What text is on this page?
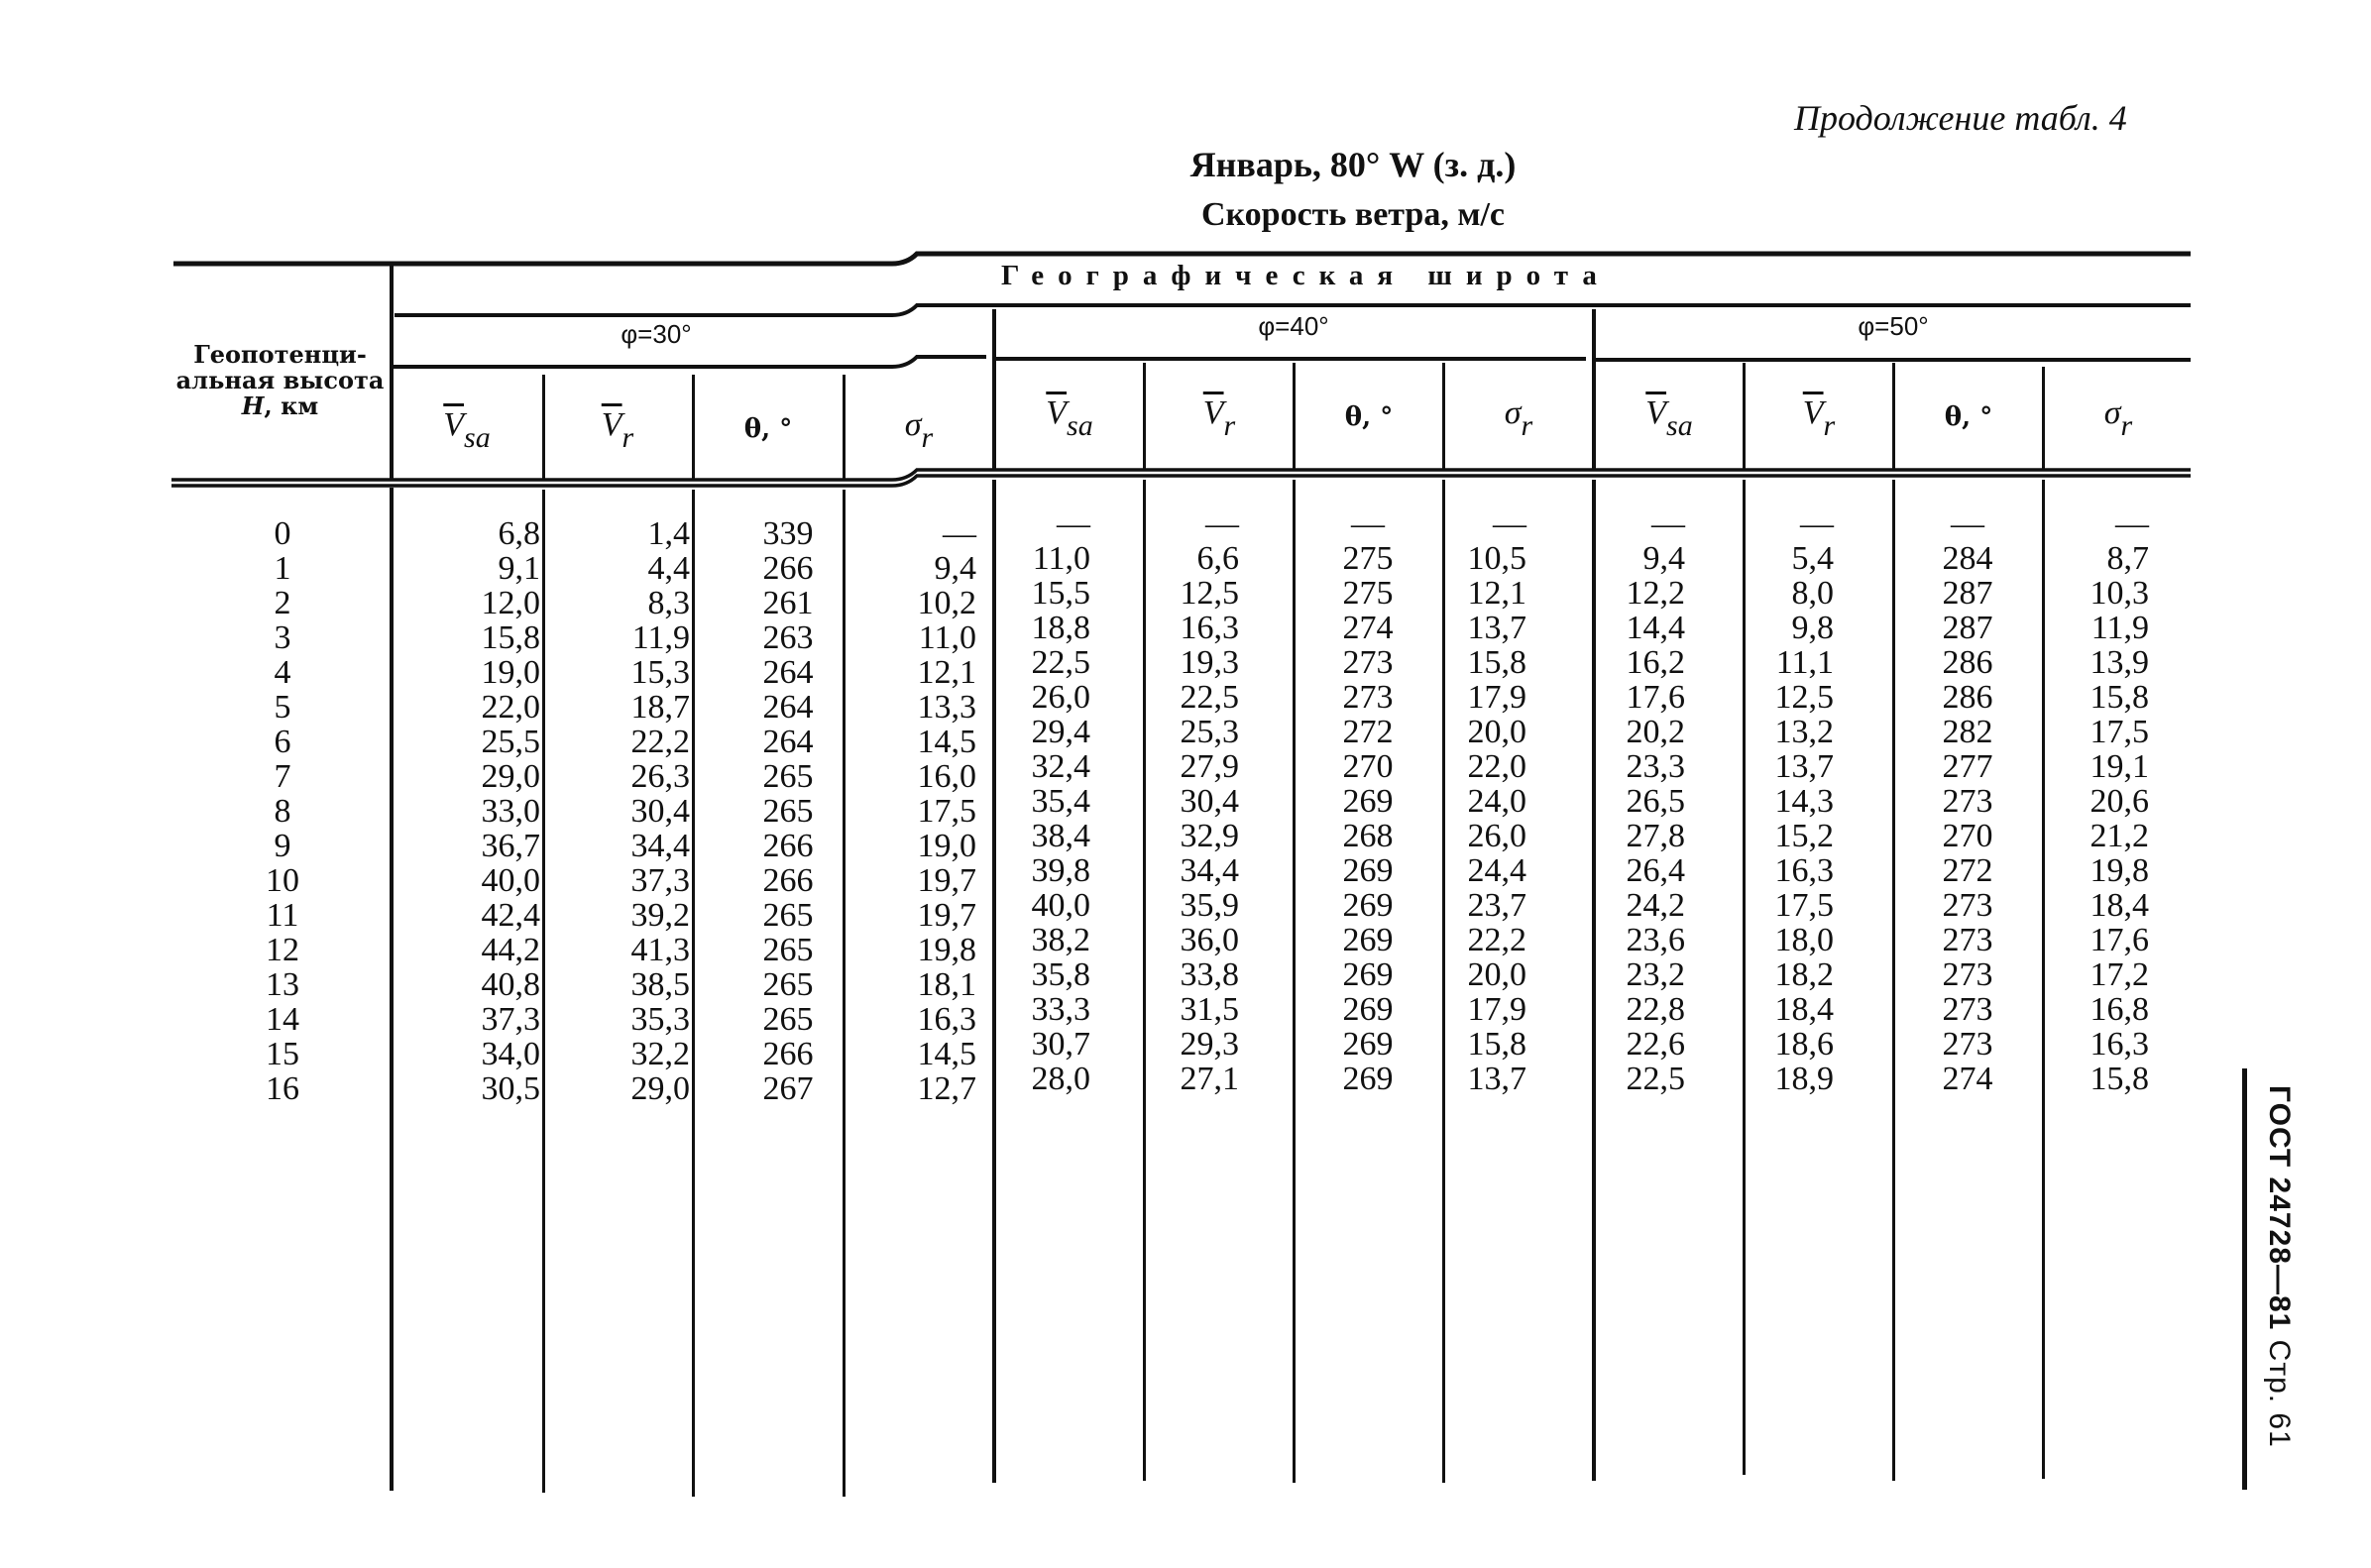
Продолжение табл. 4
Январь, 80° W (з. д.)
Скорость ветра, м/с
Геопотенци-
альная высота
H, км
Географическая широта
φ=30°	φ=40°	φ=50°
$\overline{V}_{sa}$	$\overline{V}_r$	θ, °	$\sigma_r$
$\overline{V}_{sa}$	$\overline{V}_r$	θ, °	$\sigma_r$	$\overline{V}_{sa}$	$\overline{V}_r$	θ, °	$\sigma_r$
0	6,8	1,4	339	—	—	—	—	—	—	—	—	—
1	9,1	4,4	266	9,4	11,0	6,6	275	10,5	9,4	5,4	284	8,7
2	12,0	8,3	261	10,2	15,5	12,5	275	12,1	12,2	8,0	287	10,3
3	15,8	11,9	263	11,0	18,8	16,3	274	13,7	14,4	9,8	287	11,9
4	19,0	15,3	264	12,1	22,5	19,3	273	15,8	16,2	11,1	286	13,9
5	22,0	18,7	264	13,3	26,0	22,5	273	17,9	17,6	12,5	286	15,8
6	25,5	22,2	264	14,5	29,4	25,3	272	20,0	20,2	13,2	282	17,5
7	29,0	26,3	265	16,0	32,4	27,9	270	22,0	23,3	13,7	277	19,1
8	33,0	30,4	265	17,5	35,4	30,4	269	24,0	26,5	14,3	273	20,6
9	36,7	34,4	266	19,0	38,4	32,9	268	26,0	27,8	15,2	270	21,2
10	40,0	37,3	266	19,7	39,8	34,4	269	24,4	26,4	16,3	272	19,8
11	42,4	39,2	265	19,7	40,0	35,9	269	23,7	24,2	17,5	273	18,4
12	44,2	41,3	265	19,8	38,2	36,0	269	22,2	23,6	18,0	273	17,6
13	40,8	38,5	265	18,1	35,8	33,8	269	20,0	23,2	18,2	273	17,2
14	37,3	35,3	265	16,3	33,3	31,5	269	17,9	22,8	18,4	273	16,8
15	34,0	32,2	266	14,5	30,7	29,3	269	15,8	22,6	18,6	273	16,3
16	30,5	29,0	267	12,7	28,0	27,1	269	13,7	22,5	18,9	274	15,8
ГОСТ 24728—81 Стр. 61
